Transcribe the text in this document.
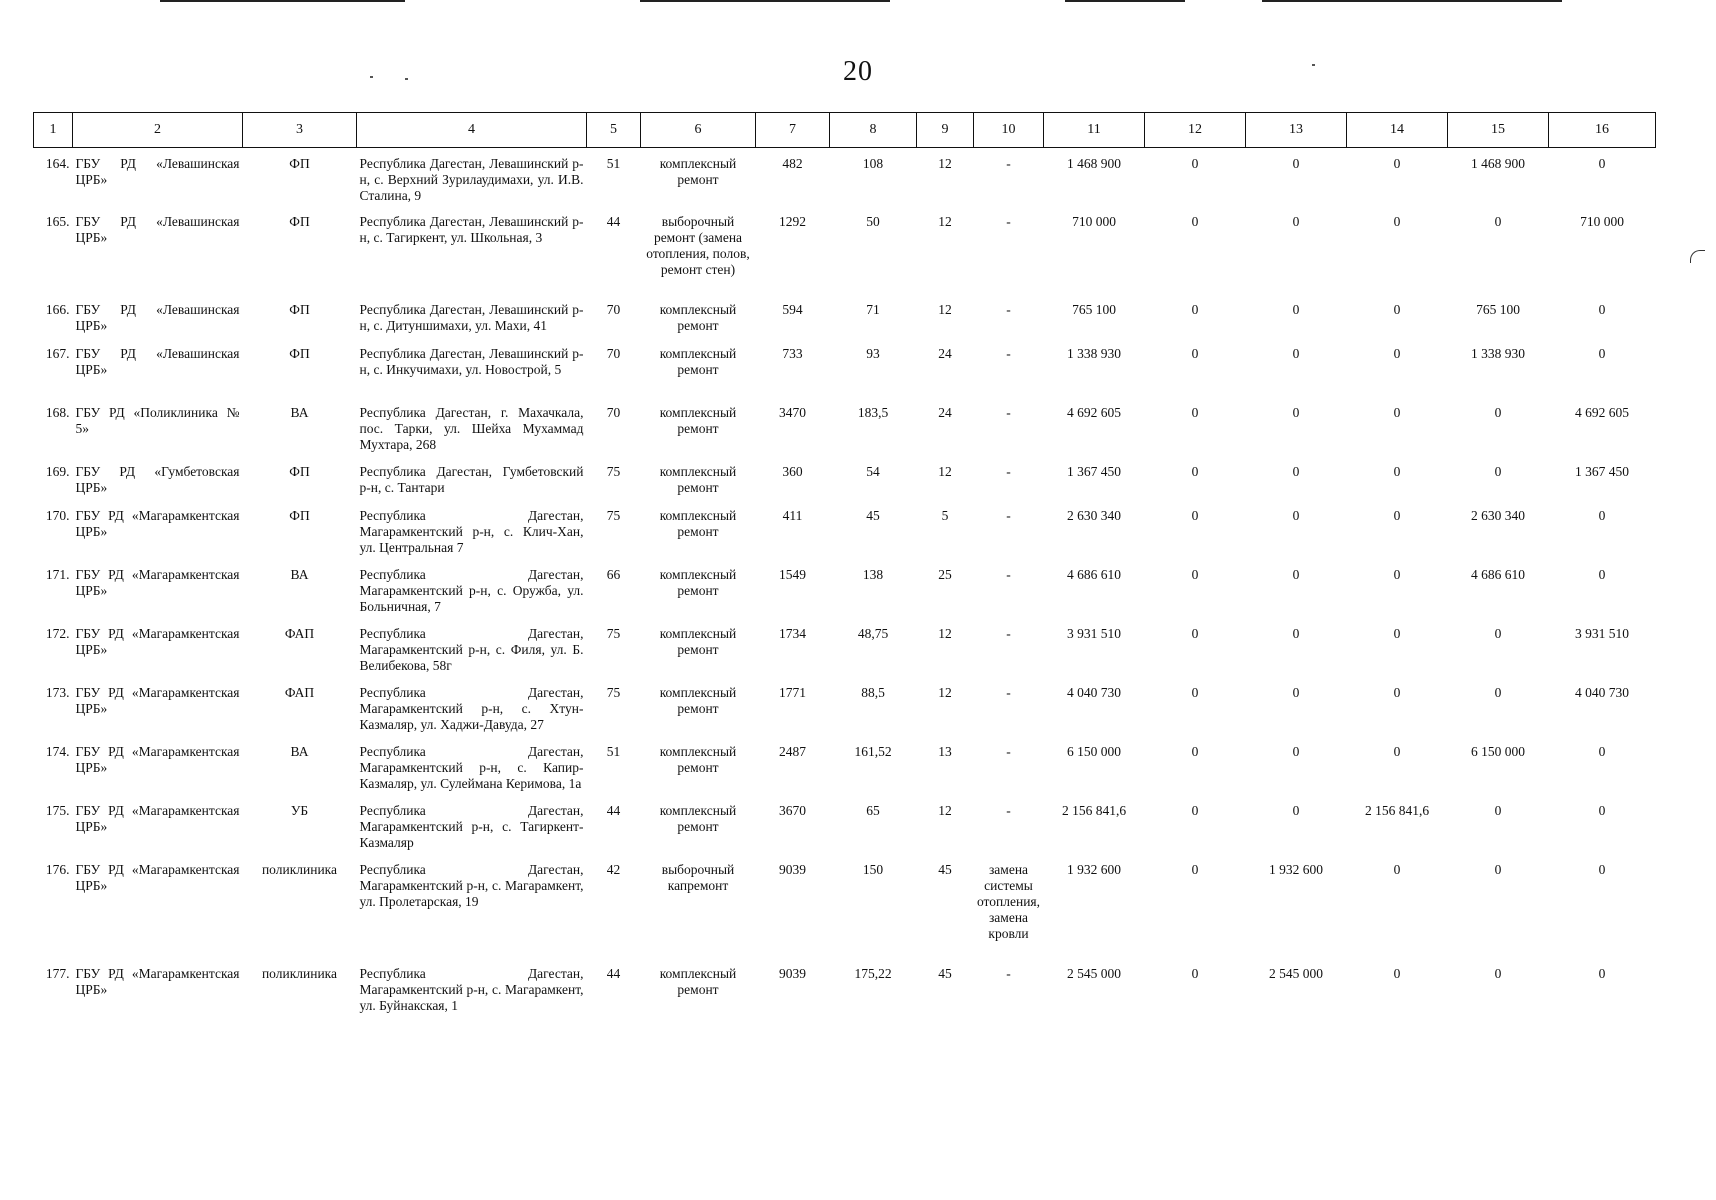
20
1	2	3	4	5	6	7	8	9	10	11	12	13	14	15	16
164.	ГБУ РД «Левашинская ЦРБ»	ФП	Республика Дагестан, Левашинский р-н, с. Верхний Зурилаудимахи, ул. И.В. Сталина, 9	51	комплексный ремонт	482	108	12	-	1 468 900	0	0	0	1 468 900	0
165.	ГБУ РД «Левашинская ЦРБ»	ФП	Республика Дагестан, Левашинский р-н, с. Тагиркент, ул. Школьная, 3	44	выборочный ремонт (замена отопления, полов, ремонт стен)	1292	50	12	-	710 000	0	0	0	0	710 000
166.	ГБУ РД «Левашинская ЦРБ»	ФП	Республика Дагестан, Левашинский р-н, с. Дитуншимахи, ул. Махи, 41	70	комплексный ремонт	594	71	12	-	765 100	0	0	0	765 100	0
167.	ГБУ РД «Левашинская ЦРБ»	ФП	Республика Дагестан, Левашинский р-н, с. Инкучимахи, ул. Новострой, 5	70	комплексный ремонт	733	93	24	-	1 338 930	0	0	0	1 338 930	0
168.	ГБУ РД «Поликлиника № 5»	ВА	Республика Дагестан, г. Махачкала, пос. Тарки, ул. Шейха Мухаммад Мухтара, 268	70	комплексный ремонт	3470	183,5	24	-	4 692 605	0	0	0	0	4 692 605
169.	ГБУ РД «Гумбетовская ЦРБ»	ФП	Республика Дагестан, Гумбетовский р-н, с. Тантари	75	комплексный ремонт	360	54	12	-	1 367 450	0	0	0	0	1 367 450
170.	ГБУ РД «Магарамкентская ЦРБ»	ФП	Республика Дагестан, Магарамкентский р-н, с. Клич-Хан, ул. Центральная 7	75	комплексный ремонт	411	45	5	-	2 630 340	0	0	0	2 630 340	0
171.	ГБУ РД «Магарамкентская ЦРБ»	ВА	Республика Дагестан, Магарамкентский р-н, с. Оружба, ул. Больничная, 7	66	комплексный ремонт	1549	138	25	-	4 686 610	0	0	0	4 686 610	0
172.	ГБУ РД «Магарамкентская ЦРБ»	ФАП	Республика Дагестан, Магарамкентский р-н, с. Филя, ул. Б. Велибекова, 58г	75	комплексный ремонт	1734	48,75	12	-	3 931 510	0	0	0	0	3 931 510
173.	ГБУ РД «Магарамкентская ЦРБ»	ФАП	Республика Дагестан, Магарамкентский р-н, с. Хтун-Казмаляр, ул. Хаджи-Давуда, 27	75	комплексный ремонт	1771	88,5	12	-	4 040 730	0	0	0	0	4 040 730
174.	ГБУ РД «Магарамкентская ЦРБ»	ВА	Республика Дагестан, Магарамкентский р-н, с. Капир-Казмаляр, ул. Сулеймана Керимова, 1а	51	комплексный ремонт	2487	161,52	13	-	6 150 000	0	0	0	6 150 000	0
175.	ГБУ РД «Магарамкентская ЦРБ»	УБ	Республика Дагестан, Магарамкентский р-н, с. Тагиркент-Казмаляр	44	комплексный ремонт	3670	65	12	-	2 156 841,6	0	0	2 156 841,6	0	0
176.	ГБУ РД «Магарамкентская ЦРБ»	поликлиника	Республика Дагестан, Магарамкентский р-н, с. Магарамкент, ул. Пролетарская, 19	42	выборочный капремонт	9039	150	45	замена системы отопления, замена кровли	1 932 600	0	1 932 600	0	0	0
177.	ГБУ РД «Магарамкентская ЦРБ»	поликлиника	Республика Дагестан, Магарамкентский р-н, с. Магарамкент, ул. Буйнакская, 1	44	комплексный ремонт	9039	175,22	45	-	2 545 000	0	2 545 000	0	0	0
